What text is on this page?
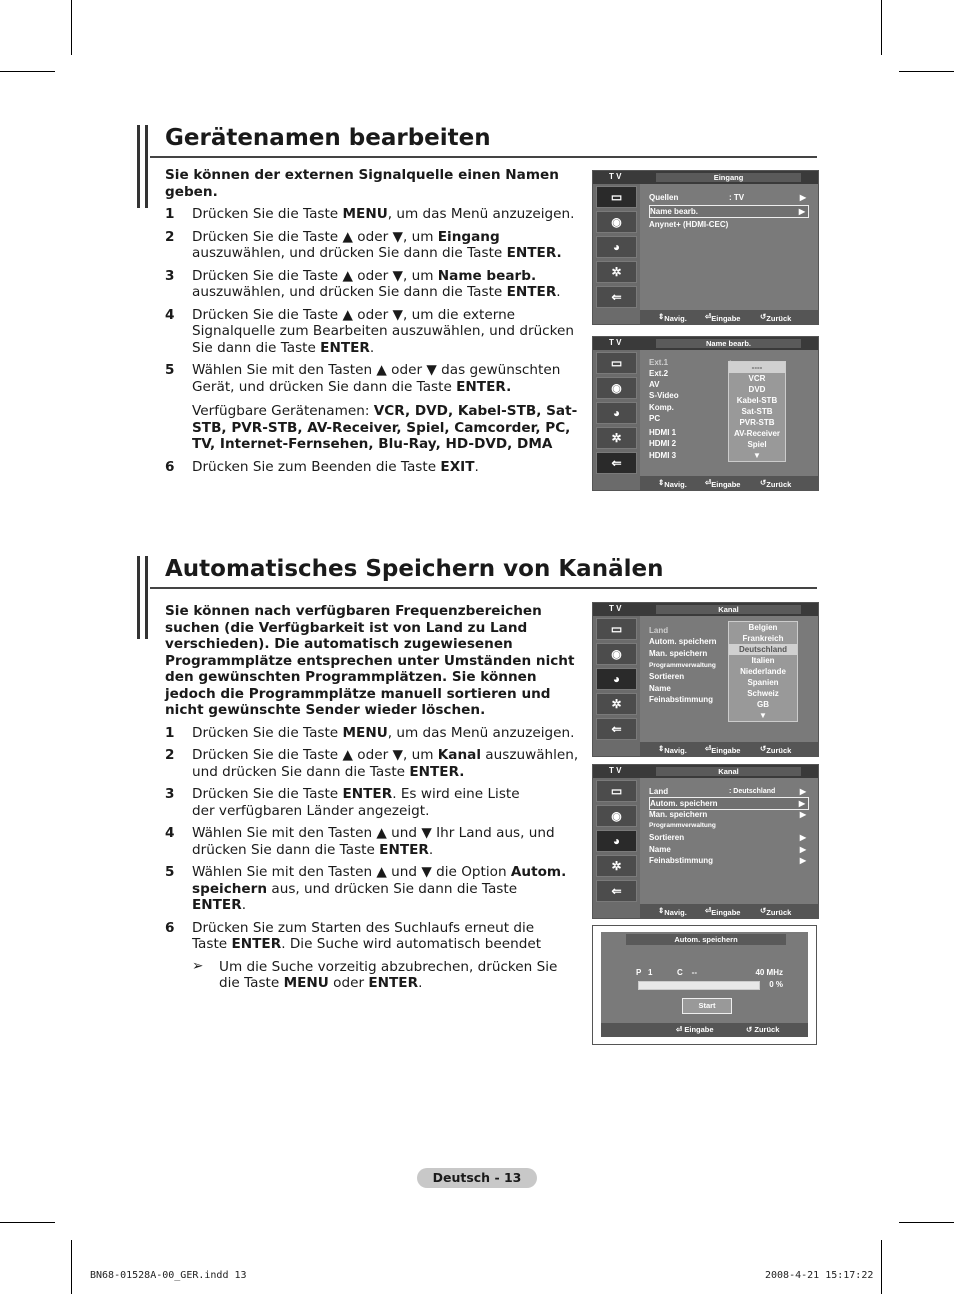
Gerätenamen bearbeiten

Sie können der externen Signalquelle einen Namen geben.

1 Drücken Sie die Taste MENU, um das Menü anzuzeigen.
2 Drücken Sie die Taste ▲ oder ▼, um Eingang auszuwählen, und drücken Sie dann die Taste ENTER.
3 Drücken Sie die Taste ▲ oder ▼, um Name bearb. auszuwählen, und drücken Sie dann die Taste ENTER.
4 Drücken Sie die Taste ▲ oder ▼, um die externe Signalquelle zum Bearbeiten auszuwählen, und drücken Sie dann die Taste ENTER.
5 Wählen Sie mit den Tasten ▲ oder ▼ das gewünschten Gerät, und drücken Sie dann die Taste ENTER.
Verfügbare Gerätenamen: VCR, DVD, Kabel-STB, Sat-STB, PVR-STB, AV-Receiver, Spiel, Camcorder, PC, TV, Internet-Fernsehen, Blu-Ray, HD-DVD, DMA
6 Drücken Sie zum Beenden die Taste EXIT.
T V	Eingang
▭
◉
◕
✲
⇐
Quellen	: TV	▶
Name bearb.	▶
Anynet+ (HDMI-CEC)
⇕ Navig. ⏎ Eingabe	↺ Zurück
T V	Name bearb.
▭
◉
◕
✲
⇐
Ext.1
Ext.2
AV
S-Video
Komp.
PC
HDMI 1
HDMI 2
HDMI 3
----
VCR
DVD
Kabel-STB
Sat-STB
PVR-STB
AV-Receiver
Spiel
▼
⇕ Navig. ⏎ Eingabe	↺ Zurück
Automatisches Speichern von Kanälen

Sie können nach verfügbaren Frequenzbereichen suchen (die Verfügbarkeit ist von Land zu Land verschieden). Die automatisch zugewiesenen Programmplätze entsprechen unter Umständen nicht den gewünschten Programmplätzen. Sie können jedoch die Programmplätze manuell sortieren und nicht gewünschte Sender wieder löschen.

1 Drücken Sie die Taste MENU, um das Menü anzuzeigen.
2 Drücken Sie die Taste ▲ oder ▼, um Kanal auszuwählen, und drücken Sie dann die Taste ENTER.
3 Drücken Sie die Taste ENTER. Es wird eine Liste der verfügbaren Länder angezeigt.
4 Wählen Sie mit den Tasten ▲ und ▼ Ihr Land aus, und drücken Sie dann die Taste ENTER.
5 Wählen Sie mit den Tasten ▲ und ▼ die Option Autom. speichern aus, und drücken Sie dann die Taste ENTER.
6 Drücken Sie zum Starten des Suchlaufs erneut die Taste ENTER. Die Suche wird automatisch beendet
➢ Um die Suche vorzeitig abzubrechen, drücken Sie die Taste MENU oder ENTER.
T V	Kanal
▭
◉
◕
✲
⇐
Land
Autom. speichern
Man. speichern
Programmverwaltung
Sortieren
Name
Feinabstimmung
Belgien
Frankreich
Deutschland
Italien
Niederlande
Spanien
Schweiz
GB
▼
⇕ Navig. ⏎ Eingabe	↺ Zurück
T V	Kanal
▭
◉
◕
✲
⇐
Land	: Deutschland	▶
Autom. speichern	▶
Man. speichern	▶
Programmverwaltung
Sortieren	▶
Name	▶
Feinabstimmung	▶
⇕ Navig. ⏎ Eingabe	↺ Zurück
Autom. speichern
P 1	C --	40 MHz
0 %
Start
⏎ Eingabe	↺ Zurück
Deutsch - 13
BN68-01528A-00_GER.indd 13	2008-4-21 15:17:22
